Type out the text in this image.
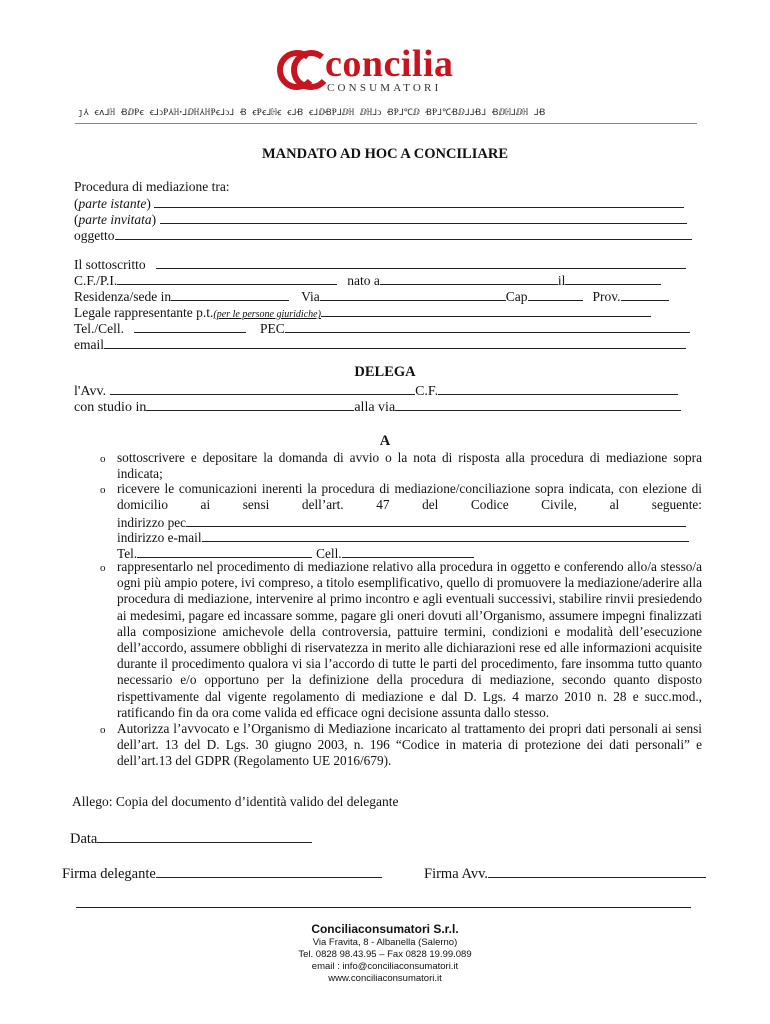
concilia
CONSUMATORI
ȷ⅄ ꞓʌ⅃ℍ ꞖⅅⱣꞓ ꞓ⅃ↄⱣ⅄ℍꞏ⅃ⅅℍ⅄ℍⱣꞓ⅃ↄ⅃ Ꞗ ꞓⱣꞓ⅃ℍꞓ ꞓ⅃Ꞗ ꞓ⅃ⅅꞖⱣ⅃ⅅℍ ⅅℍ⅃ↄ ꞖⱣ⅃℃ⅅ ꞖⱣ⅃℃Ꞗⅅ⅃⅃Ꞗ⅃ Ꞗⅅℍ⅃ⅅℍ ⅃Ꞗ
MANDATO AD HOC A CONCILIARE
Procedura di mediazione tra:
(parte istante)
(parte invitata)
oggetto
Il sottoscritto
C.F./P.I.	nato a	il
Residenza/sede in	Via	Cap	Prov.
Legale rappresentante p.t.(per le persone giuridiche)
Tel./Cell.	PEC
email
DELEGA
l'Avv.	C.F.
con studio in	alla via
A
o sottoscrivere e depositare la domanda di avvio o la nota di risposta alla procedura di mediazione sopra indicata;
o ricevere le comunicazioni inerenti la procedura di mediazione/conciliazione sopra indicata, con elezione di domicilio ai sensi dell’art. 47 del Codice Civile, al seguente:
indirizzo pec
indirizzo e-mail
Tel.	Cell.
o rappresentarlo nel procedimento di mediazione relativo alla procedura in oggetto e conferendo allo/a stesso/a ogni più ampio potere, ivi compreso, a titolo esemplificativo, quello di promuovere la mediazione/aderire alla procedura di mediazione, intervenire al primo incontro e agli eventuali successivi, stabilire rinvii presiedendo ai medesimi, pagare ed incassare somme, pagare gli oneri dovuti all’Organismo, assumere impegni finalizzati alla composizione amichevole della controversia, pattuire termini, condizioni e modalità dell’esecuzione dell’accordo, assumere obblighi di riservatezza in merito alle dichiarazioni rese ed alle informazioni acquisite durante il procedimento qualora vi sia l’accordo di tutte le parti del procedimento, fare insomma tutto quanto necessario e/o opportuno per la definizione della procedura di mediazione, secondo quanto disposto rispettivamente dal vigente regolamento di mediazione e dal D. Lgs. 4 marzo 2010 n. 28 e succ.mod., ratificando fin da ora come valida ed efficace ogni decisione assunta dallo stesso.
o Autorizza l’avvocato e l’Organismo di Mediazione incaricato al trattamento dei propri dati personali ai sensi dell’art. 13 del D. Lgs. 30 giugno 2003, n. 196 “Codice in materia di protezione dei dati personali” e dell’art.13 del GDPR (Regolamento UE 2016/679).
Allego: Copia del documento d’identità valido del delegante
Data
Firma delegante	Firma Avv.
Conciliaconsumatori S.r.l.
Via Fravita, 8 - Albanella (Salerno)
Tel. 0828 98.43.95 – Fax 0828 19.99.089
email : info@conciliaconsumatori.it
www.conciliaconsumatori.it
